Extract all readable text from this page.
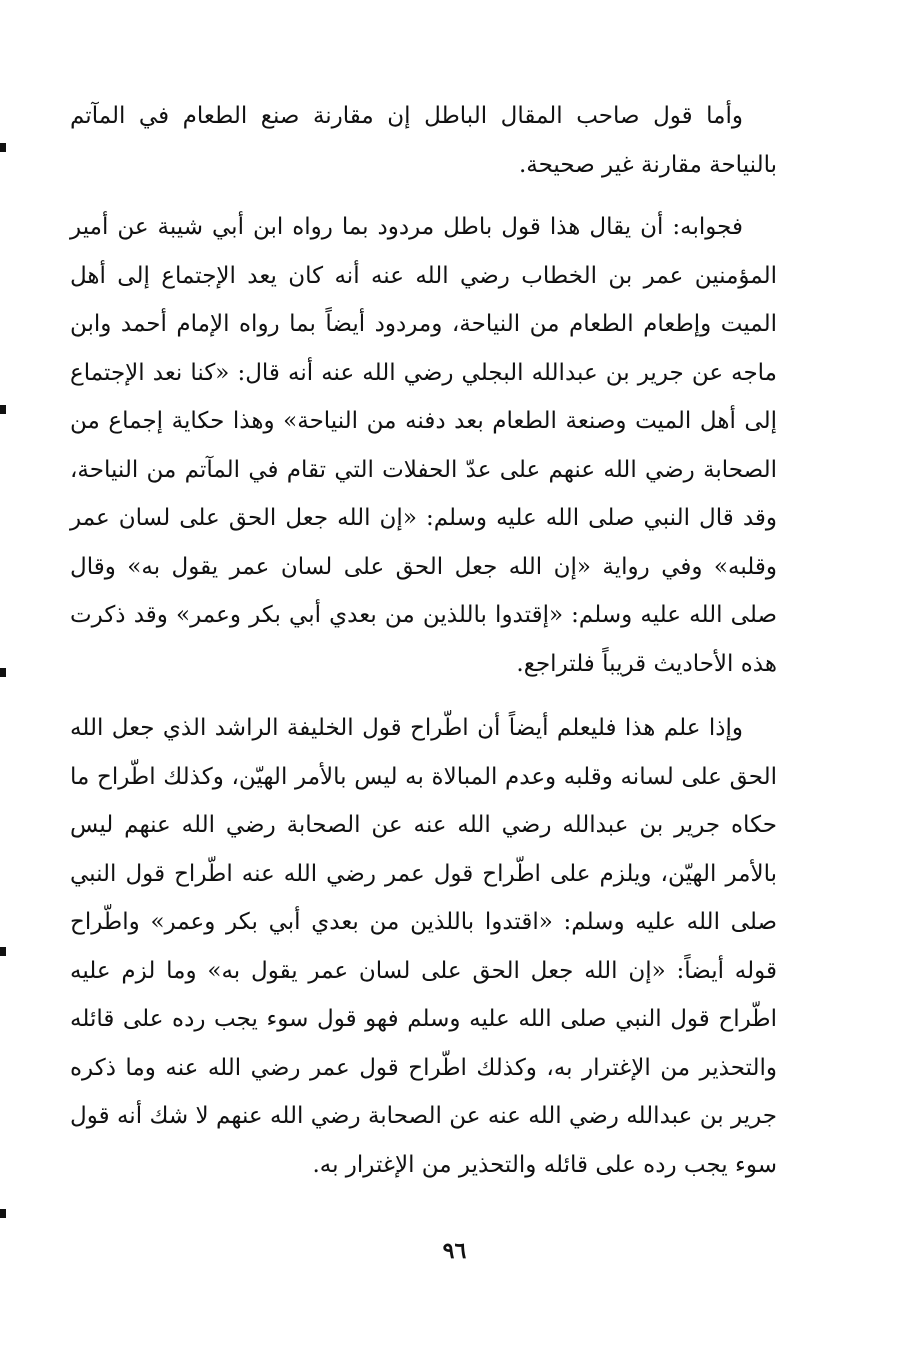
وأما قول صاحب المقال الباطل إن مقارنة صنع الطعام في المآتم بالنياحة مقارنة غير صحيحة.

فجوابه: أن يقال هذا قول باطل مردود بما رواه ابن أبي شيبة عن أمير المؤمنين عمر بن الخطاب رضي الله عنه أنه كان يعد الإجتماع إلى أهل الميت وإطعام الطعام من النياحة، ومردود أيضاً بما رواه الإمام أحمد وابن ماجه عن جرير بن عبدالله البجلي رضي الله عنه أنه قال: «كنا نعد الإجتماع إلى أهل الميت وصنعة الطعام بعد دفنه من النياحة» وهذا حكاية إجماع من الصحابة رضي الله عنهم على عدّ الحفلات التي تقام في المآتم من النياحة، وقد قال النبي صلى الله عليه وسلم: «إن الله جعل الحق على لسان عمر وقلبه» وفي رواية «إن الله جعل الحق على لسان عمر يقول به» وقال صلى الله عليه وسلم: «إقتدوا باللذين من بعدي أبي بكر وعمر» وقد ذكرت هذه الأحاديث قريباً فلتراجع.

وإذا علم هذا فليعلم أيضاً أن اطّراح قول الخليفة الراشد الذي جعل الله الحق على لسانه وقلبه وعدم المبالاة به ليس بالأمر الهيّن، وكذلك اطّراح ما حكاه جرير بن عبدالله رضي الله عنه عن الصحابة رضي الله عنهم ليس بالأمر الهيّن، ويلزم على اطّراح قول عمر رضي الله عنه اطّراح قول النبي صلى الله عليه وسلم: «اقتدوا باللذين من بعدي أبي بكر وعمر» واطّراح قوله أيضاً: «إن الله جعل الحق على لسان عمر يقول به» وما لزم عليه اطّراح قول النبي صلى الله عليه وسلم فهو قول سوء يجب رده على قائله والتحذير من الإغترار به، وكذلك اطّراح قول عمر رضي الله عنه وما ذكره جرير بن عبدالله رضي الله عنه عن الصحابة رضي الله عنهم لا شك أنه قول سوء يجب رده على قائله والتحذير من الإغترار به.

٩٦
